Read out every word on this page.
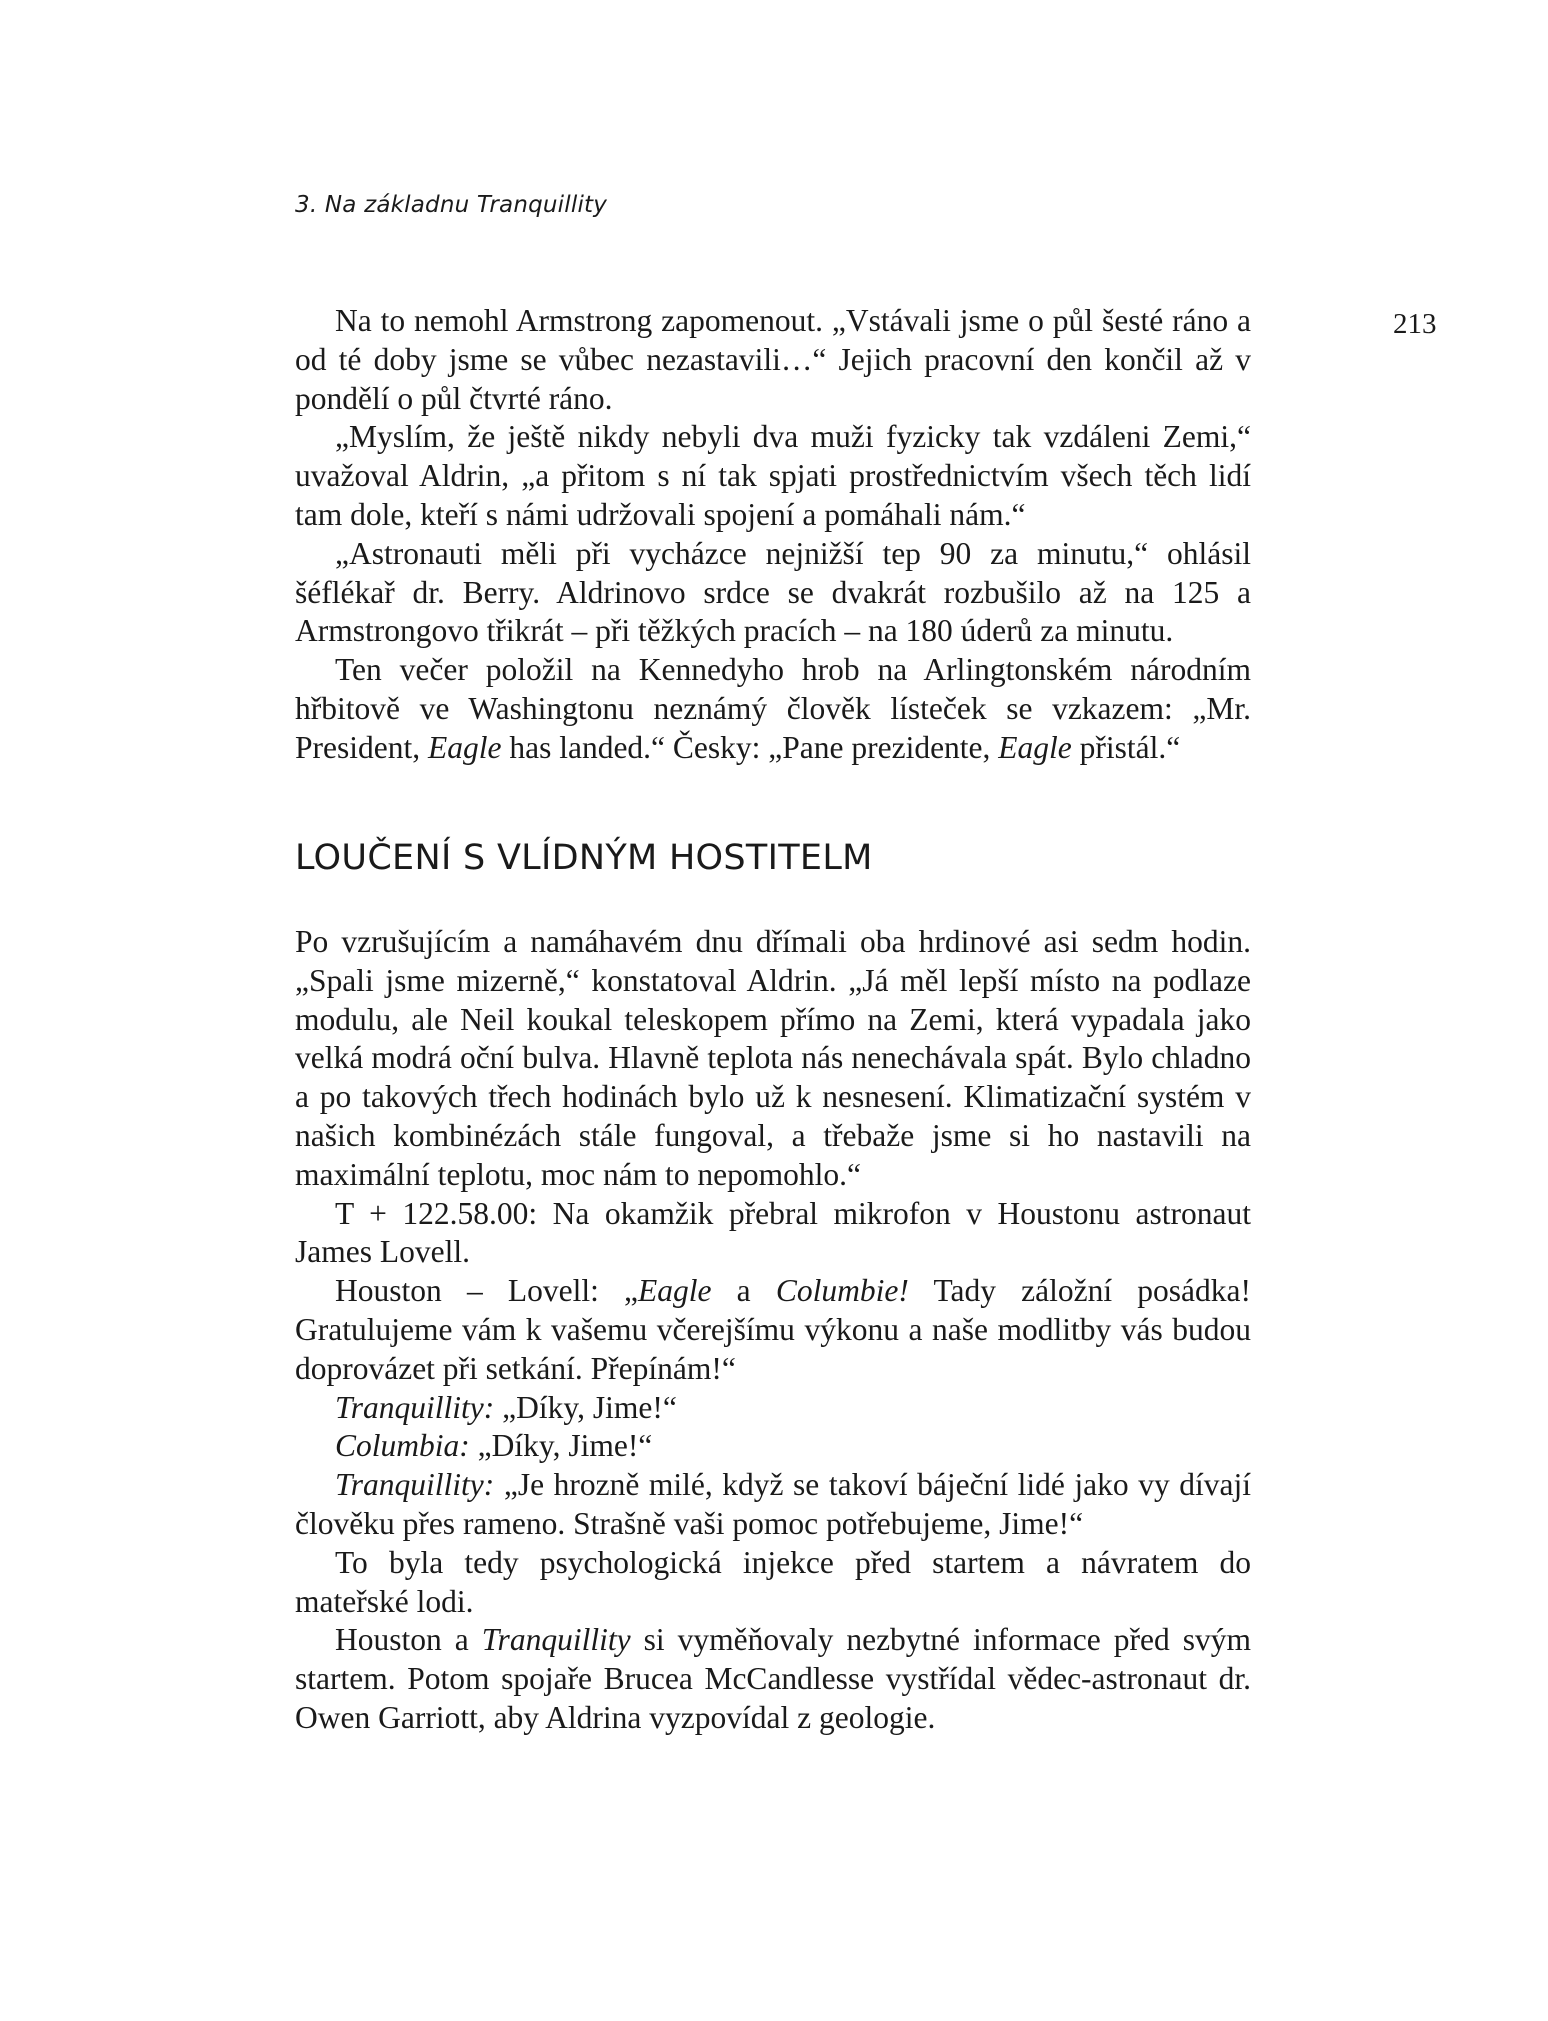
3. Na základnu Tranquillity
213

Na to nemohl Armstrong zapomenout. „Vstávali jsme o půl šesté ráno a od té doby jsme se vůbec nezastavili…“ Jejich pracovní den končil až v pondělí o půl čtvrté ráno.

„Myslím, že ještě nikdy nebyli dva muži fyzicky tak vzdáleni Zemi,“ uvažoval Aldrin, „a přitom s ní tak spjati prostřednictvím všech těch lidí tam dole, kteří s námi udržovali spojení a pomáhali nám.“

„Astronauti měli při vycházce nejnižší tep 90 za minutu,“ ohlásil šéflékař dr. Berry. Aldrinovo srdce se dvakrát rozbušilo až na 125 a Armstrongovo třikrát – při těžkých pracích – na 180 úderů za minutu.

Ten večer položil na Kennedyho hrob na Arlingtonském národním hřbitově ve Washingtonu neznámý člověk lísteček se vzkazem: „Mr. President, Eagle has landed.“ Česky: „Pane prezidente, Eagle přistál.“

LOUČENÍ S VLÍDNÝM HOSTITELM

Po vzrušujícím a namáhavém dnu dřímali oba hrdinové asi sedm hodin. „Spali jsme mizerně,“ konstatoval Aldrin. „Já měl lepší místo na podlaze modulu, ale Neil koukal teleskopem přímo na Zemi, která vypadala jako velká modrá oční bulva. Hlavně teplota nás nenechávala spát. Bylo chladno a po takových třech hodinách bylo už k nesnesení. Klimatizační systém v našich kombinézách stále fungoval, a třebaže jsme si ho nastavili na maximální teplotu, moc nám to nepomohlo.“

T + 122.58.00: Na okamžik přebral mikrofon v Houstonu astronaut James Lovell.

Houston – Lovell: „Eagle a Columbie! Tady záložní posádka! Gratulujeme vám k vašemu včerejšímu výkonu a naše modlitby vás budou doprovázet při setkání. Přepínám!“

Tranquillity: „Díky, Jime!“

Columbia: „Díky, Jime!“

Tranquillity: „Je hrozně milé, když se takoví báječní lidé jako vy dívají člověku přes rameno. Strašně vaši pomoc potřebujeme, Jime!“

To byla tedy psychologická injekce před startem a návratem do mateřské lodi.

Houston a Tranquillity si vyměňovaly nezbytné informace před svým startem. Potom spojaře Brucea McCandlesse vystřídal vědec-astronaut dr. Owen Garriott, aby Aldrina vyzpovídal z geologie.
